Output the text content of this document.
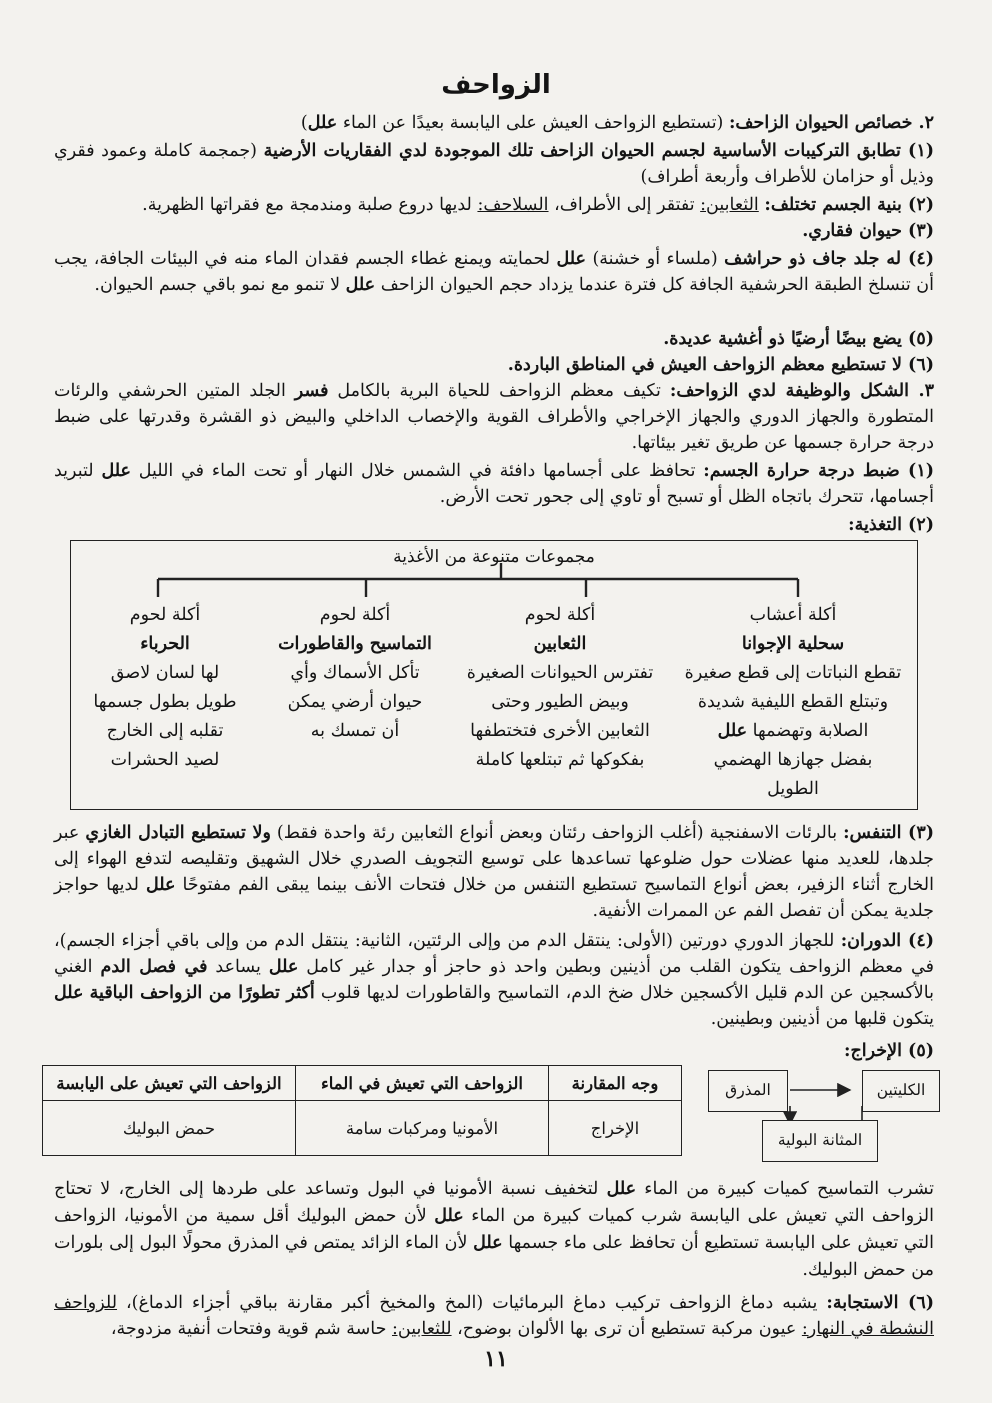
الزواحف
٢. خصائص الحيوان الزاحف: (تستطيع الزواحف العيش على اليابسة بعيدًا عن الماء علل)
(١) تطابق التركيبات الأساسية لجسم الحيوان الزاحف تلك الموجودة لدي الفقاريات الأرضية (جمجمة كاملة وعمود فقري وذيل أو حزامان للأطراف وأربعة أطراف)
(٢) بنية الجسم تختلف: الثعابين: تفتقر إلى الأطراف، السلاحف: لديها دروع صلبة ومندمجة مع فقراتها الظهرية.
(٣) حيوان فقاري.
(٤) له جلد جاف ذو حراشف (ملساء أو خشنة) علل لحمايته ويمنع غطاء الجسم فقدان الماء منه في البيئات الجافة، يجب أن تنسلخ الطبقة الحرشفية الجافة كل فترة عندما يزداد حجم الحيوان الزاحف علل لا تنمو مع نمو باقي جسم الحيوان.
(٥) يضع بيضًا أرضيًا ذو أغشية عديدة.
(٦) لا تستطيع معظم الزواحف العيش في المناطق الباردة.
٣. الشكل والوظيفة لدي الزواحف: تكيف معظم الزواحف للحياة البرية بالكامل فسر الجلد المتين الحرشفي والرئات المتطورة والجهاز الدوري والجهاز الإخراجي والأطراف القوية والإخصاب الداخلي والبيض ذو القشرة وقدرتها على ضبط درجة حرارة جسمها عن طريق تغير بيئاتها.
(١) ضبط درجة حرارة الجسم: تحافظ على أجسامها دافئة في الشمس خلال النهار أو تحت الماء في الليل علل لتبريد أجسامها، تتحرك باتجاه الظل أو تسبح أو تاوي إلى جحور تحت الأرض.
(٢) التغذية:
مجموعات متنوعة من الأغذية
أكلة أعشاب
سحلية الإجوانا
تقطع النباتات إلى قطع صغيرة
وتبتلع القطع الليفية شديدة
الصلابة وتهضمها علل
بفضل جهازها الهضمي
الطويل
أكلة لحوم
الثعابين
تفترس الحيوانات الصغيرة
وبيض الطيور وحتى
الثعابين الأخرى فتختطفها
بفكوكها ثم تبتلعها كاملة
أكلة لحوم
التماسيح والقاطورات
تأكل الأسماك وأي
حيوان أرضي يمكن
أن تمسك به
أكلة لحوم
الحرباء
لها لسان لاصق
طويل بطول جسمها
تقلبه إلى الخارج
لصيد الحشرات
(٣) التنفس: بالرئات الاسفنجية (أغلب الزواحف رئتان وبعض أنواع الثعابين رئة واحدة فقط) ولا تستطيع التبادل الغازي عبر جلدها، للعديد منها عضلات حول ضلوعها تساعدها على توسيع التجويف الصدري خلال الشهيق وتقليصه لتدفع الهواء إلى الخارج أثناء الزفير، بعض أنواع التماسيح تستطيع التنفس من خلال فتحات الأنف بينما يبقى الفم مفتوحًا علل لديها حواجز جلدية يمكن أن تفصل الفم عن الممرات الأنفية.
(٤) الدوران: للجهاز الدوري دورتين (الأولى: ينتقل الدم من وإلى الرئتين، الثانية: ينتقل الدم من وإلى باقي أجزاء الجسم)، في معظم الزواحف يتكون القلب من أذينين وبطين واحد ذو حاجز أو جدار غير كامل علل يساعد في فصل الدم الغني بالأكسجين عن الدم قليل الأكسجين خلال ضخ الدم، التماسيح والقاطورات لديها قلوب أكثر تطورًا من الزواحف الباقية علل يتكون قلبها من أذينين وبطينين.
(٥) الإخراج:
وجه المقارنة	الزواحف التي تعيش في الماء	الزواحف التي تعيش على اليابسة
الإخراج	الأمونيا ومركبات سامة	حمض البوليك
الكليتين
المذرق
المثانة البولية
تشرب التماسيح كميات كبيرة من الماء علل لتخفيف نسبة الأمونيا في البول وتساعد على طردها إلى الخارج، لا تحتاج الزواحف التي تعيش على اليابسة شرب كميات كبيرة من الماء علل لأن حمض البوليك أقل سمية من الأمونيا، الزواحف التي تعيش على اليابسة تستطيع أن تحافظ على ماء جسمها علل لأن الماء الزائد يمتص في المذرق محولًا البول إلى بلورات من حمض البوليك.
(٦) الاستجابة: يشبه دماغ الزواحف تركيب دماغ البرمائيات (المخ والمخيخ أكبر مقارنة بباقي أجزاء الدماغ)، للزواحف النشطة في النهار: عيون مركبة تستطيع أن ترى بها الألوان بوضوح، للثعابين: حاسة شم قوية وفتحات أنفية مزدوجة،
١١
